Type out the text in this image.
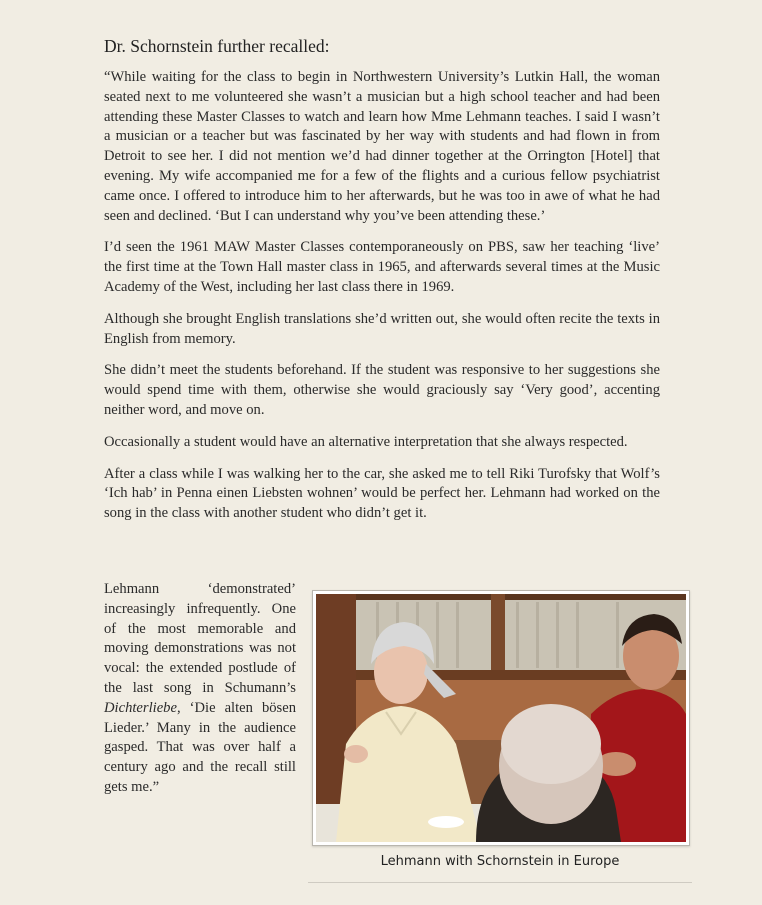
Dr. Schornstein further recalled:

“While waiting for the class to begin in Northwestern University’s Lutkin Hall, the woman seated next to me volunteered she wasn’t a musician but a high school teacher and had been attending these Master Classes to watch and learn how Mme Lehmann teaches. I said I wasn’t a musician or a teacher but was fascinated by her way with students and had flown in from Detroit to see her. I did not mention we’d had dinner together at the Orrington [Hotel] that evening. My wife accompanied me for a few of the flights and a curious fellow psychiatrist came once. I offered to introduce him to her afterwards, but he was too in awe of what he had seen and declined. ‘But I can understand why you’ve been attending these.’

I’d seen the 1961 MAW Master Classes contemporaneously on PBS, saw her teaching ‘live’ the first time at the Town Hall master class in 1965, and afterwards several times at the Music Academy of the West, including her last class there in 1969.

Although she brought English translations she’d written out, she would often recite the texts in English from memory.

She didn’t meet the students beforehand. If the student was responsive to her suggestions she would spend time with them, otherwise she would graciously say ‘Very good’, accenting neither word, and move on.

Occasionally a student would have an alternative interpretation that she always respected.

After a class while I was walking her to the car, she asked me to tell Riki Turofsky that Wolf’s ‘Ich hab’ in Penna einen Liebsten wohnen’ would be perfect her. Lehmann had worked on the song in the class with another student who didn’t get it.

Lehmann ‘demonstrated’ increasingly infrequently. One of the most memorable and moving demonstrations was not vocal: the extended postlude of the last song in Schumann’s Dichterliebe, ‘Die alten bösen Lieder.’ Many in the audience gasped. That was over half a century ago and the recall still gets me.”

Lehmann with Schornstein in Europe
